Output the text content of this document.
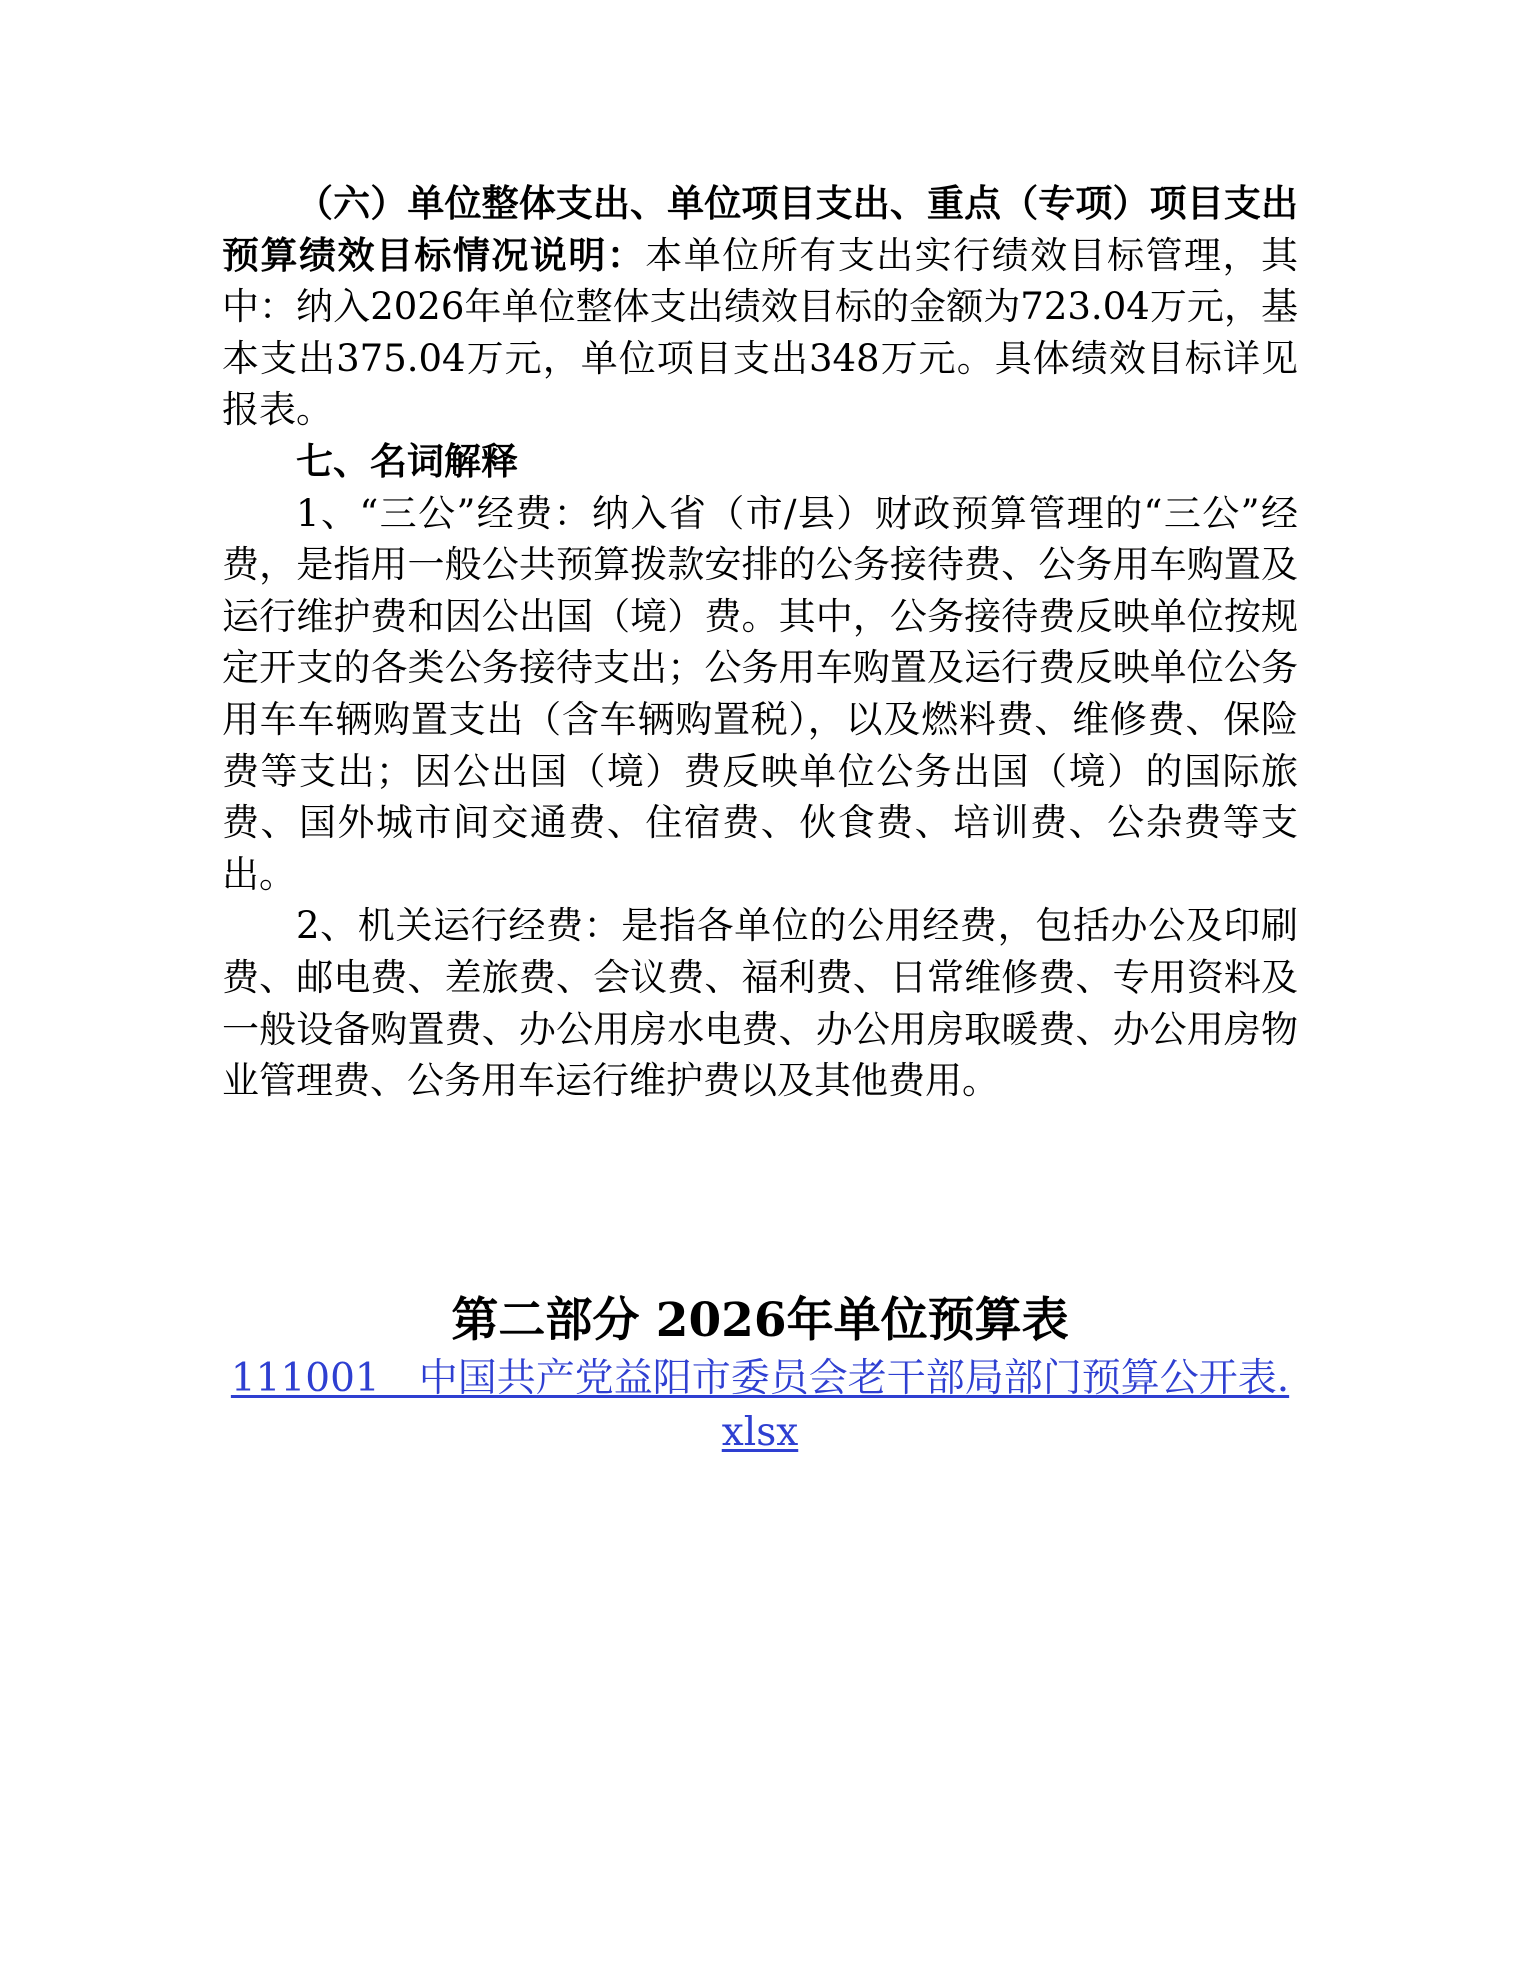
（六）单位整体支出、单位项目支出、重点（专项）项目支出预算绩效目标情况说明：本单位所有支出实行绩效目标管理，其中：纳入2026年单位整体支出绩效目标的金额为723.04万元，基本支出375.04万元，单位项目支出348万元。具体绩效目标详见报表。

七、名词解释

1、“三公”经费：纳入省（市/县）财政预算管理的“三公”经费，是指用一般公共预算拨款安排的公务接待费、公务用车购置及运行维护费和因公出国（境）费。其中，公务接待费反映单位按规定开支的各类公务接待支出；公务用车购置及运行费反映单位公务用车车辆购置支出（含车辆购置税），以及燃料费、维修费、保险费等支出；因公出国（境）费反映单位公务出国（境）的国际旅费、国外城市间交通费、住宿费、伙食费、培训费、公杂费等支出。

2、机关运行经费：是指各单位的公用经费，包括办公及印刷费、邮电费、差旅费、会议费、福利费、日常维修费、专用资料及一般设备购置费、办公用房水电费、办公用房取暖费、办公用房物业管理费、公务用车运行维护费以及其他费用。

第二部分 2026年单位预算表
111001　中国共产党益阳市委员会老干部局部门预算公开表.xlsx
